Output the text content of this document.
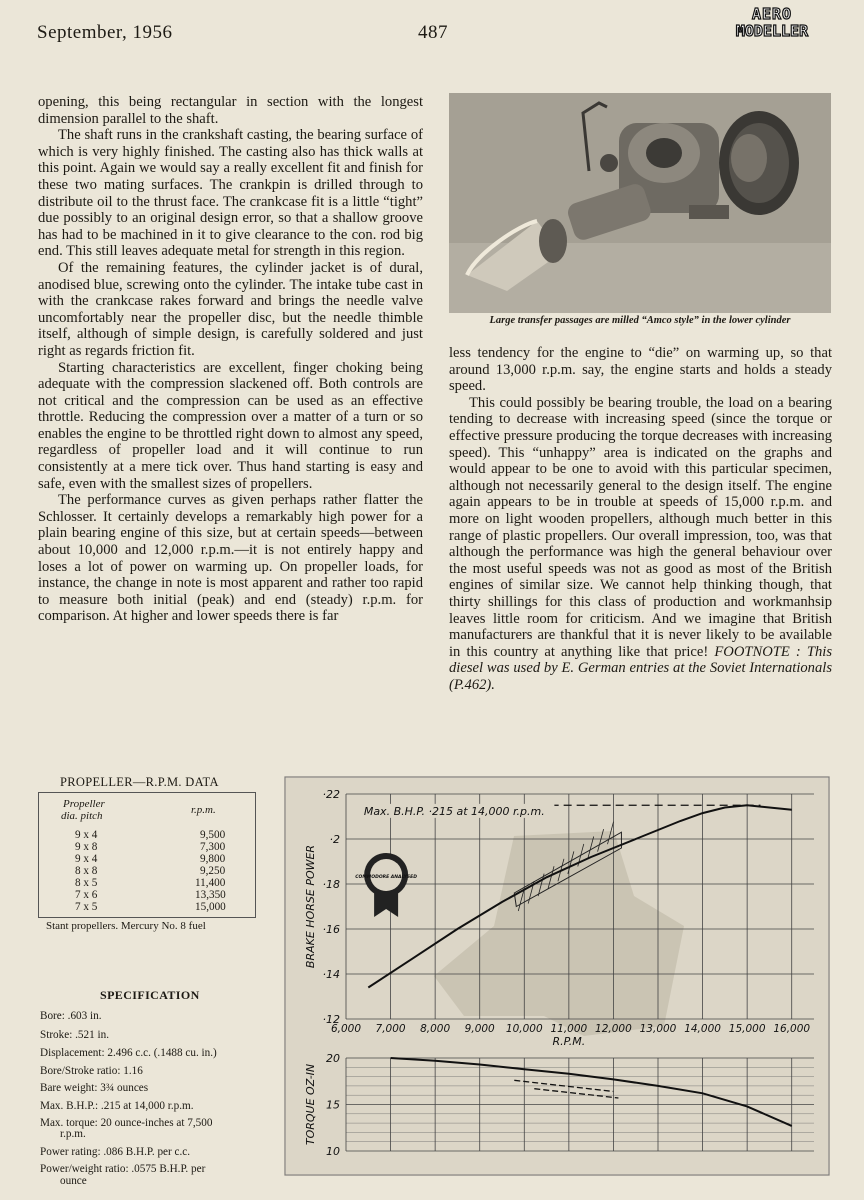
September, 1956	487
AERO
MODELLER

opening, this being rectangular in section with the longest dimension parallel to the shaft.

The shaft runs in the crankshaft casting, the bearing surface of which is very highly finished. The casting also has thick walls at this point. Again we would say a really excellent fit and finish for these two mating surfaces. The crankpin is drilled through to distribute oil to the thrust face. The crankcase fit is a little “tight” due possibly to an original design error, so that a shallow groove has had to be machined in it to give clearance to the con. rod big end. This still leaves adequate metal for strength in this region.

Of the remaining features, the cylinder jacket is of dural, anodised blue, screwing onto the cylinder. The intake tube cast in with the crankcase rakes forward and brings the needle valve uncomfortably near the propeller disc, but the needle thimble itself, although of simple design, is carefully soldered and just right as regards friction fit.

Starting characteristics are excellent, finger choking being adequate with the compression slackened off. Both controls are not critical and the compression can be used as an effective throttle. Reducing the compression over a matter of a turn or so enables the engine to be throttled right down to almost any speed, regardless of propeller load and it will continue to run consistently at a mere tick over. Thus hand starting is easy and safe, even with the smallest sizes of propellers.

The performance curves as given perhaps rather flatter the Schlosser. It certainly develops a remarkably high power for a plain bearing engine of this size, but at certain speeds—between about 10,000 and 12,000 r.p.m.—it is not entirely happy and loses a lot of power on warming up. On propeller loads, for instance, the change in note is most apparent and rather too rapid to measure both initial (peak) and end (steady) r.p.m. for comparison. At higher and lower speeds there is far

Large transfer passages are milled “Amco style” in the lower cylinder

less tendency for the engine to “die” on warming up, so that around 13,000 r.p.m. say, the engine starts and holds a steady speed.

This could possibly be bearing trouble, the load on a bearing tending to decrease with increasing speed (since the torque or effective pressure producing the torque decreases with increasing speed). This “unhappy” area is indicated on the graphs and would appear to be one to avoid with this particular specimen, although not necessarily general to the design itself. The engine again appears to be in trouble at speeds of 15,000 r.p.m. and more on light wooden propellers, although much better in this range of plastic propellers. Our overall impression, too, was that although the performance was high the general behaviour over the most useful speeds was not as good as most of the British engines of similar size. We cannot help thinking though, that thirty shillings for this class of production and workmanhsip leaves little room for criticism. And we imagine that British manufacturers are thankful that it is never likely to be available in this country at anything like that price! FOOTNOTE : This diesel was used by E. German entries at the Soviet Internationals (P.462).

PROPELLER—R.P.M. DATA
Propeller
dia. pitch	r.p.m.
9 x 4	9,500
9 x 8	7,300
9 x 4	9,800
8 x 8	9,250
8 x 5	11,400
7 x 6	13,350
7 x 5	15,000
Stant propellers. Mercury No. 8 fuel
SPECIFICATION
Bore: .603 in.
Stroke: .521 in.
Displacement: 2.496 c.c. (.1488 cu. in.)
Bore/Stroke ratio: 1.16
Bare weight: 3¾ ounces
Max. B.H.P.: .215 at 14,000 r.p.m.
Max. torque: 20 ounce-inches at 7,500
r.p.m.
Power rating: .086 B.H.P. per c.c.
Power/weight ratio: .0575 B.H.P. per
ounce
·12
·14
·16
·18
·2
·22
6,000 7,000 8,000 9,000 10,000 11,000 12,000 13,000 14,000 15,000 16,000
R.P.M.
BRAKE HORSE POWER
Max. B.H.P. ·215 at 14,000 r.p.m.
COMMODORE ANALYSED
10
15
20
TORQUE OZ-IN
